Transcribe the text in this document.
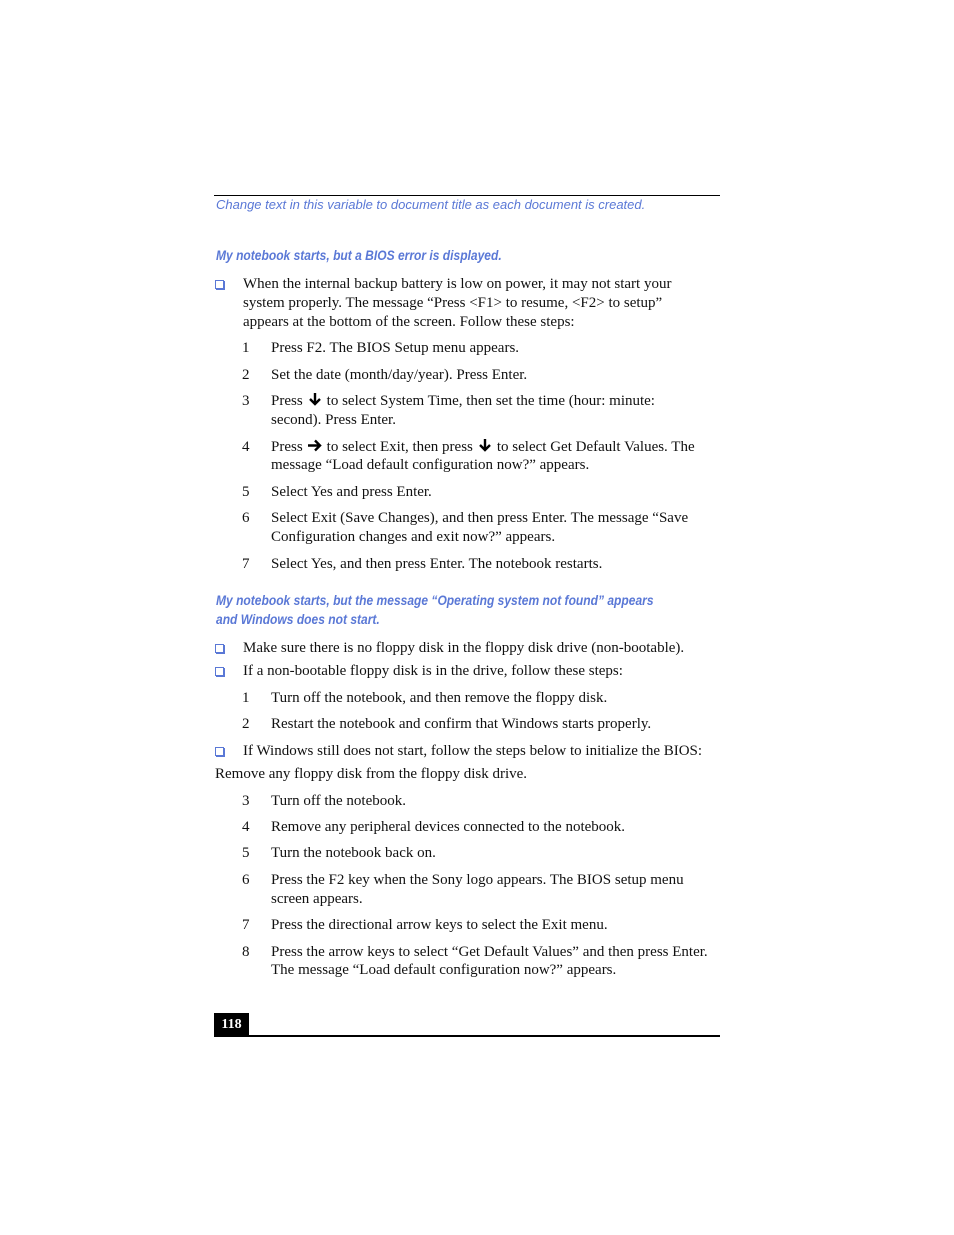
Change text in this variable to document title as each document is created.
My notebook starts, but a BIOS error is displayed.
When the internal backup battery is low on power, it may not start your
system properly. The message “Press <F1> to resume, <F2> to setup”
appears at the bottom of the screen. Follow these steps:
1 Press F2. The BIOS Setup menu appears.
2 Set the date (month/day/year). Press Enter.
3 Press to select System Time, then set the time (hour: minute:
second). Press Enter.
4 Press to select Exit, then press to select Get Default Values. The
message “Load default configuration now?” appears.
5 Select Yes and press Enter.
6 Select Exit (Save Changes), and then press Enter. The message “Save
Configuration changes and exit now?” appears.
7 Select Yes, and then press Enter. The notebook restarts.
My notebook starts, but the message “Operating system not found” appears
and Windows does not start.
Make sure there is no floppy disk in the floppy disk drive (non-bootable).
If a non-bootable floppy disk is in the drive, follow these steps:
1 Turn off the notebook, and then remove the floppy disk.
2 Restart the notebook and confirm that Windows starts properly.
If Windows still does not start, follow the steps below to initialize the BIOS:
Remove any floppy disk from the floppy disk drive.
3 Turn off the notebook.
4 Remove any peripheral devices connected to the notebook.
5 Turn the notebook back on.
6 Press the F2 key when the Sony logo appears. The BIOS setup menu
screen appears.
7 Press the directional arrow keys to select the Exit menu.
8 Press the arrow keys to select “Get Default Values” and then press Enter.
The message “Load default configuration now?” appears.
118
